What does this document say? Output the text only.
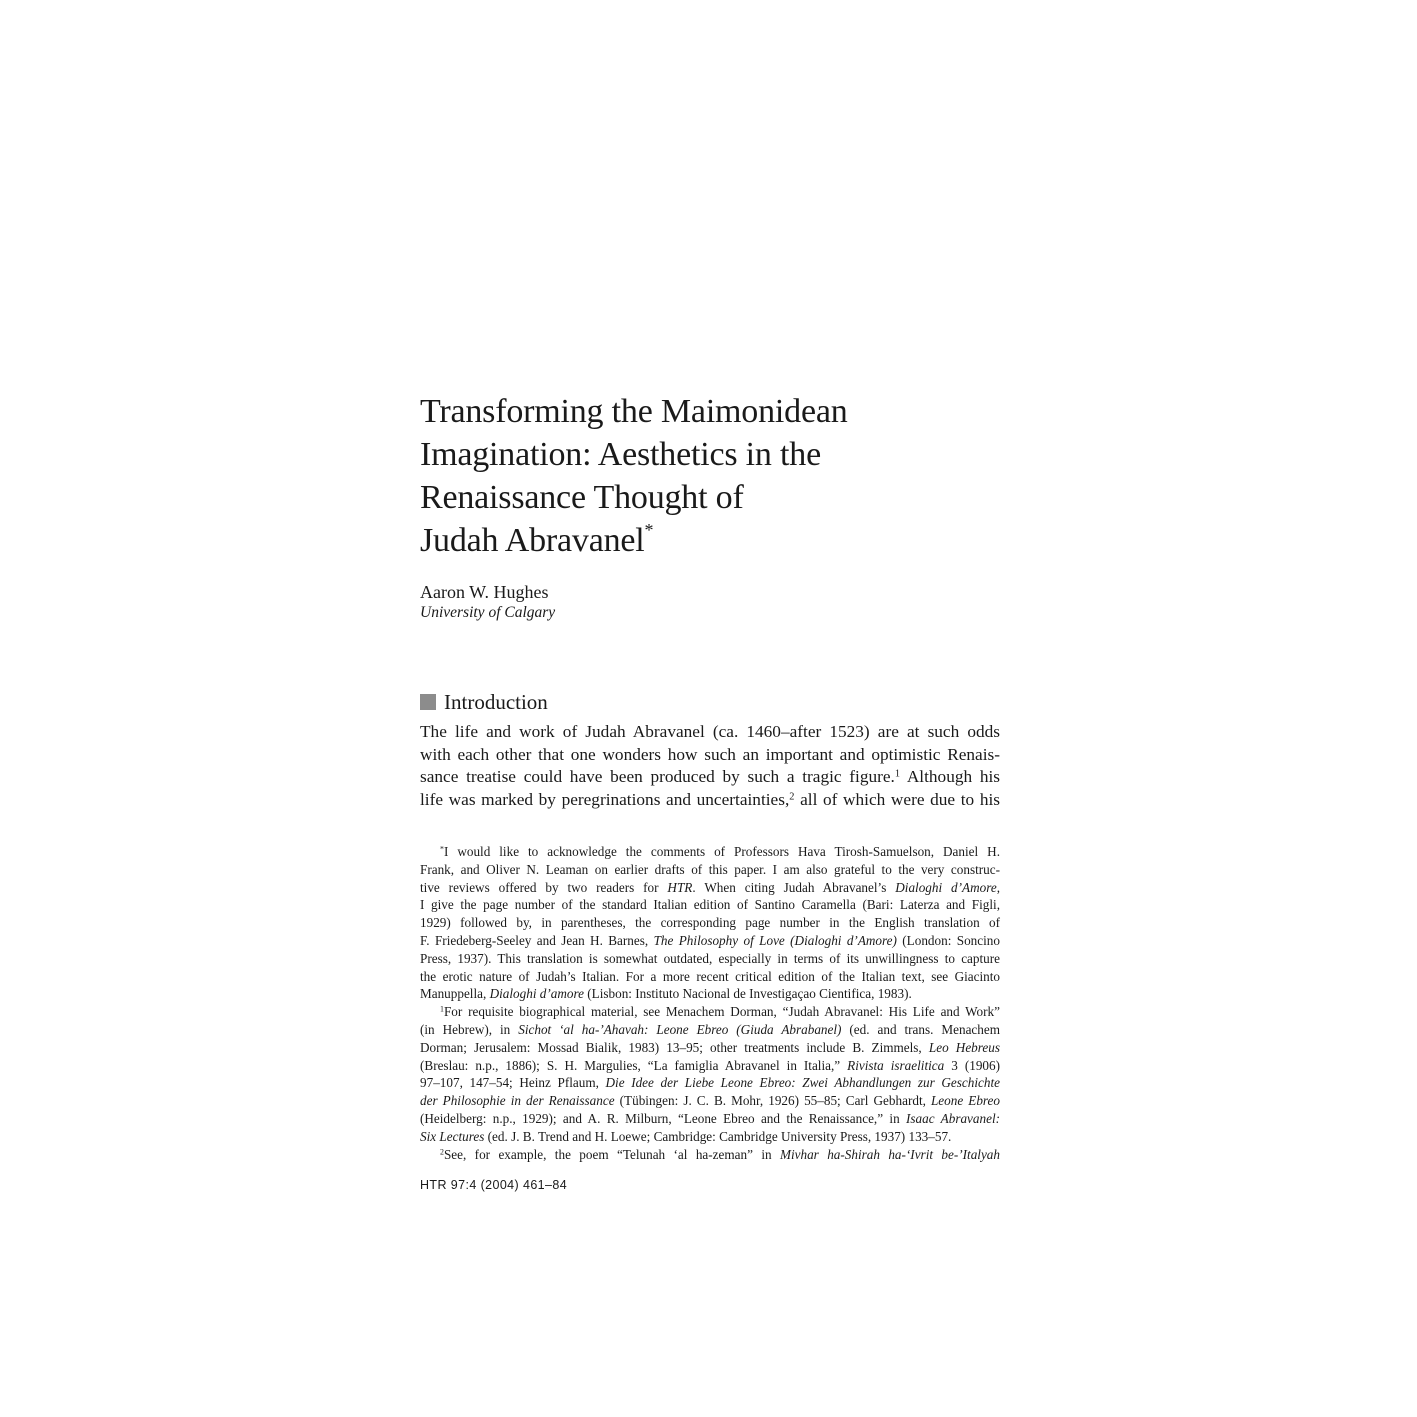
Transforming the Maimonidean
Imagination: Aesthetics in the
Renaissance Thought of
Judah Abravanel*
Aaron W. Hughes
University of Calgary
Introduction
The life and work of Judah Abravanel (ca. 1460–after 1523) are at such odds
with each other that one wonders how such an important and optimistic Renais-
sance treatise could have been produced by such a tragic figure.$^1$ Although his
life was marked by peregrinations and uncertainties,$^2$ all of which were due to his
*I would like to acknowledge the comments of Professors Hava Tirosh-Samuelson, Daniel H.
Frank, and Oliver N. Leaman on earlier drafts of this paper. I am also grateful to the very construc-
tive reviews offered by two readers for HTR. When citing Judah Abravanel’s Dialoghi d’Amore,
I give the page number of the standard Italian edition of Santino Caramella (Bari: Laterza and Figli,
1929) followed by, in parentheses, the corresponding page number in the English translation of
F. Friedeberg-Seeley and Jean H. Barnes, The Philosophy of Love (Dialoghi d’Amore) (London: Soncino
Press, 1937). This translation is somewhat outdated, especially in terms of its unwillingness to capture
the erotic nature of Judah’s Italian. For a more recent critical edition of the Italian text, see Giacinto
Manuppella, Dialoghi d’amore (Lisbon: Instituto Nacional de Investigaçao Cientifica, 1983).
$^1$For requisite biographical material, see Menachem Dorman, “Judah Abravanel: His Life and Work”
(in Hebrew), in Sichot ‘al ha-’Ahavah: Leone Ebreo (Giuda Abrabanel) (ed. and trans. Menachem
Dorman; Jerusalem: Mossad Bialik, 1983) 13–95; other treatments include B. Zimmels, Leo Hebreus
(Breslau: n.p., 1886); S. H. Margulies, “La famiglia Abravanel in Italia,” Rivista israelitica 3 (1906)
97–107, 147–54; Heinz Pflaum, Die Idee der Liebe Leone Ebreo: Zwei Abhandlungen zur Geschichte
der Philosophie in der Renaissance (Tübingen: J. C. B. Mohr, 1926) 55–85; Carl Gebhardt, Leone Ebreo
(Heidelberg: n.p., 1929); and A. R. Milburn, “Leone Ebreo and the Renaissance,” in Isaac Abravanel:
Six Lectures (ed. J. B. Trend and H. Loewe; Cambridge: Cambridge University Press, 1937) 133–57.
$^2$See, for example, the poem “Telunah ‘al ha-zeman” in Mivhar ha-Shirah ha-‘Ivrit be-’Italyah
HTR 97:4 (2004) 461–84
